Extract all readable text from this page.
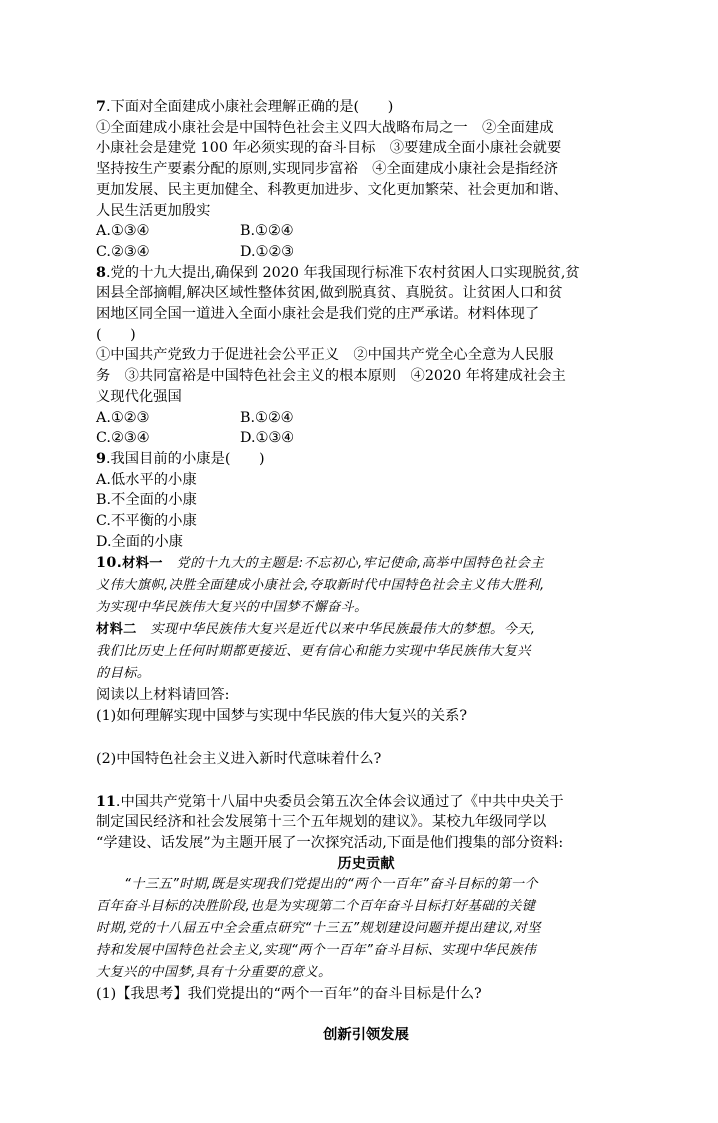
7.下面对全面建成小康社会理解正确的是(　　)
①全面建成小康社会是中国特色社会主义四大战略布局之一　②全面建成
小康社会是建党 100 年必须实现的奋斗目标　③要建成全面小康社会就要
坚持按生产要素分配的原则,实现同步富裕　④全面建成小康社会是指经济
更加发展、民主更加健全、科教更加进步、文化更加繁荣、社会更加和谐、
人民生活更加殷实
A.①③④	B.①②④
C.②③④	D.①②③
8.党的十九大提出,确保到 2020 年我国现行标准下农村贫困人口实现脱贫,贫
困县全部摘帽,解决区域性整体贫困,做到脱真贫、真脱贫。让贫困人口和贫
困地区同全国一道进入全面小康社会是我们党的庄严承诺。材料体现了
(　　)
①中国共产党致力于促进社会公平正义　②中国共产党全心全意为人民服
务　③共同富裕是中国特色社会主义的根本原则　④2020 年将建成社会主
义现代化强国
A.①②③	B.①②④
C.②③④	D.①③④
9.我国目前的小康是(　　)
A.低水平的小康
B.不全面的小康
C.不平衡的小康
D.全面的小康
10.材料一　党的十九大的主题是:不忘初心,牢记使命,高举中国特色社会主
义伟大旗帜,决胜全面建成小康社会,夺取新时代中国特色社会主义伟大胜利,
为实现中华民族伟大复兴的中国梦不懈奋斗。
材料二　实现中华民族伟大复兴是近代以来中华民族最伟大的梦想。今天,
我们比历史上任何时期都更接近、更有信心和能力实现中华民族伟大复兴
的目标。
阅读以上材料请回答:
(1)如何理解实现中国梦与实现中华民族的伟大复兴的关系?
(2)中国特色社会主义进入新时代意味着什么?
11.中国共产党第十八届中央委员会第五次全体会议通过了《中共中央关于
制定国民经济和社会发展第十三个五年规划的建议》。某校九年级同学以
“学建设、话发展”为主题开展了一次探究活动,下面是他们搜集的部分资料:
历史贡献
“十三五”时期,既是实现我们党提出的“两个一百年”奋斗目标的第一个
百年奋斗目标的决胜阶段,也是为实现第二个百年奋斗目标打好基础的关键
时期,党的十八届五中全会重点研究“十三五”规划建设问题并提出建议,对坚
持和发展中国特色社会主义,实现“两个一百年”奋斗目标、实现中华民族伟
大复兴的中国梦,具有十分重要的意义。
(1)【我思考】我们党提出的“两个一百年”的奋斗目标是什么?
创新引领发展
